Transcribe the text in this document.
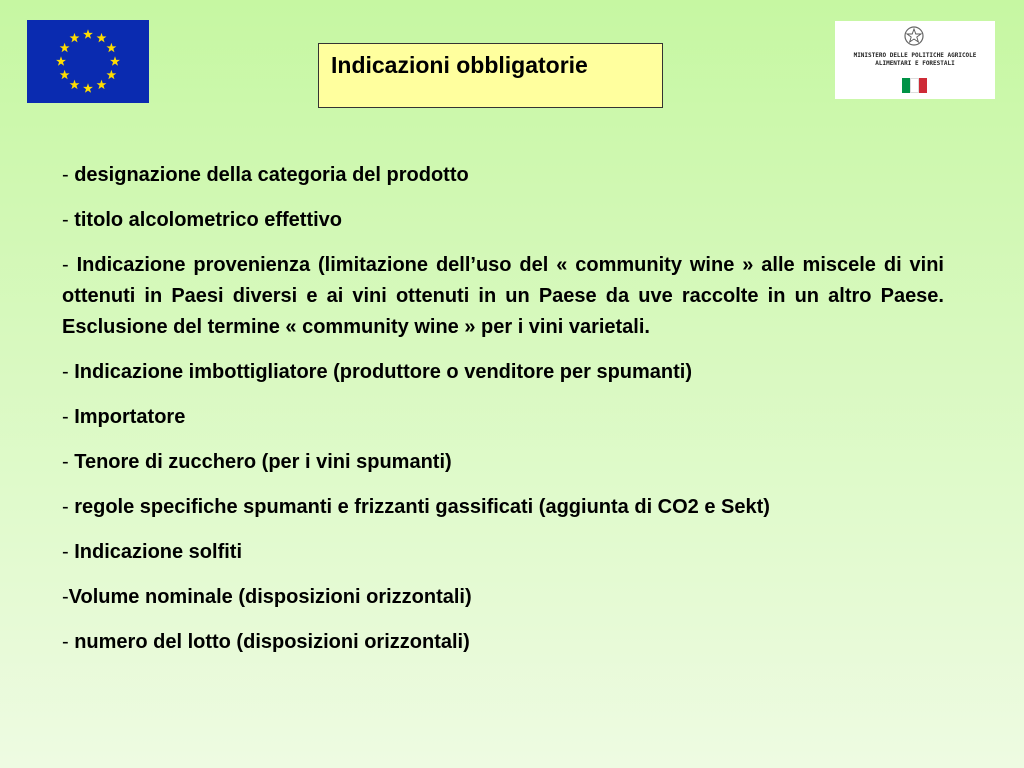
Indicazioni obbligatorie	MINISTERO DELLE POLITICHE AGRICOLE
ALIMENTARI E FORESTALI
- designazione della categoria del prodotto
- titolo alcolometrico effettivo
- Indicazione provenienza (limitazione dell’uso del « community wine » alle miscele di vini ottenuti in Paesi diversi e ai vini ottenuti in un Paese da uve raccolte in un altro Paese. Esclusione del termine « community wine » per i vini varietali.
- Indicazione imbottigliatore (produttore o venditore per spumanti)
- Importatore
- Tenore di zucchero (per i vini spumanti)
- regole specifiche spumanti e frizzanti gassificati (aggiunta di CO2 e Sekt)
- Indicazione solfiti
-Volume nominale (disposizioni orizzontali)
- numero del lotto (disposizioni orizzontali)
